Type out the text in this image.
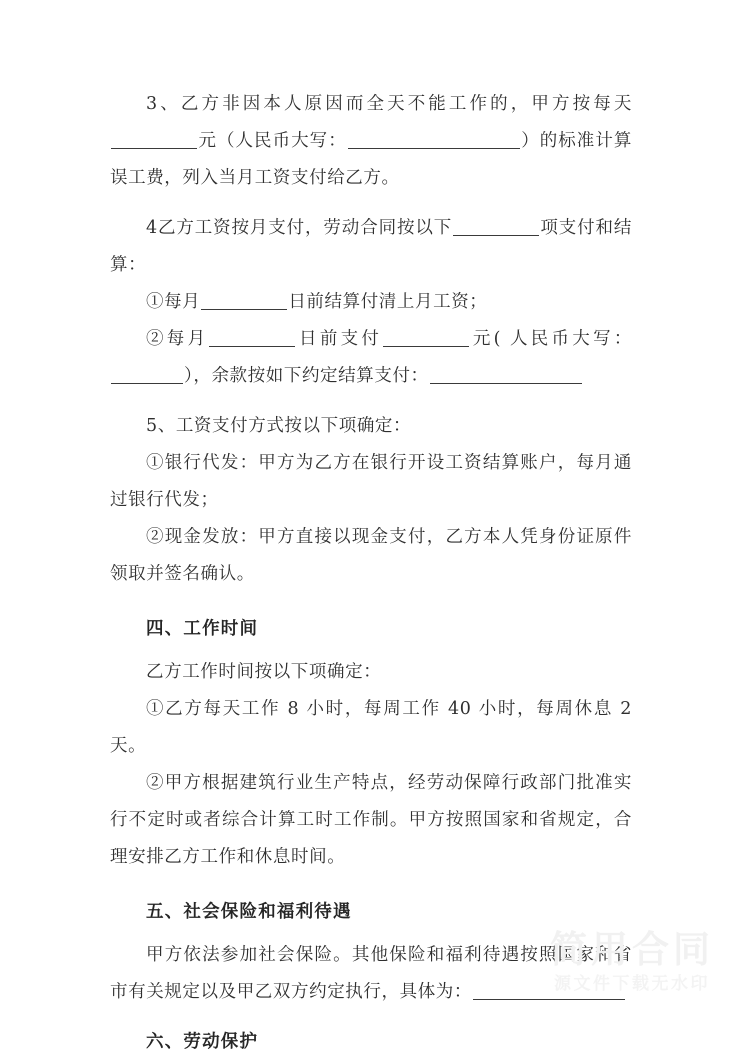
3、乙方非因本人原因而全天不能工作的，甲方按每天元（人民币大写：	）的标准计算误工费，列入当月工资支付给乙方。

4乙方工资按月支付，劳动合同按以下	项支付和结算：

①每月	日前结算付清上月工资；

②每月	日前支付	元( 人民币大写：），余款按如下约定结算支付：

5、工资支付方式按以下项确定：

①银行代发：甲方为乙方在银行开设工资结算账户，每月通过银行代发；

②现金发放：甲方直接以现金支付，乙方本人凭身份证原件领取并签名确认。

四、工作时间

乙方工作时间按以下项确定：

①乙方每天工作 8 小时，每周工作 40 小时，每周休息 2 天。

②甲方根据建筑行业生产特点，经劳动保障行政部门批准实行不定时或者综合计算工时工作制。甲方按照国家和省规定，合理安排乙方工作和休息时间。

五、社会保险和福利待遇

甲方依法参加社会保险。其他保险和福利待遇按照国家和省市有关规定以及甲乙双方约定执行，具体为：

六、劳动保护

简用合同
源文件下载无水印
